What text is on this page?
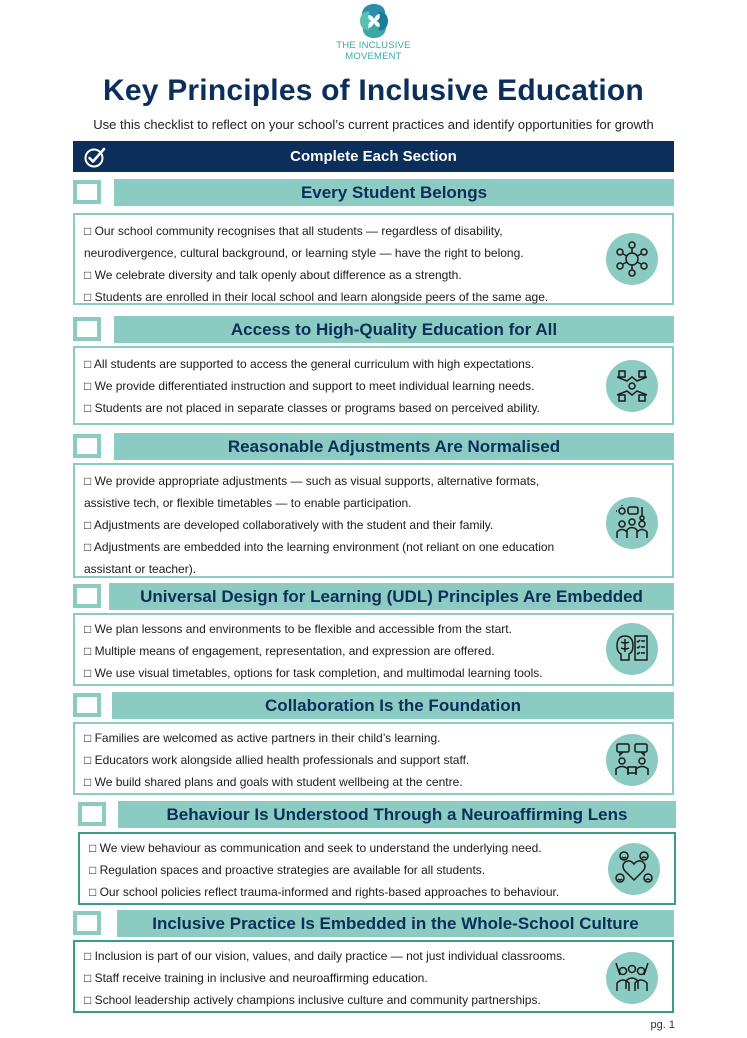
THE INCLUSIVE
MOVEMENT
Key Principles of Inclusive Education
Use this checklist to reflect on your school’s current practices and identify opportunities for growth
Complete Each Section
Every Student Belongs
□ Our school community recognises that all students — regardless of disability,
neurodivergence, cultural background, or learning style — have the right to belong.
□ We celebrate diversity and talk openly about difference as a strength.
□ Students are enrolled in their local school and learn alongside peers of the same age.
Access to High-Quality Education for All
□ All students are supported to access the general curriculum with high expectations.
□ We provide differentiated instruction and support to meet individual learning needs.
□ Students are not placed in separate classes or programs based on perceived ability.
Reasonable Adjustments Are Normalised
□ We provide appropriate adjustments — such as visual supports, alternative formats,
assistive tech, or flexible timetables — to enable participation.
□ Adjustments are developed collaboratively with the student and their family.
□ Adjustments are embedded into the learning environment (not reliant on one education
assistant or teacher).
Universal Design for Learning (UDL) Principles Are Embedded
□ We plan lessons and environments to be flexible and accessible from the start.
□ Multiple means of engagement, representation, and expression are offered.
□ We use visual timetables, options for task completion, and multimodal learning tools.
Collaboration Is the Foundation
□ Families are welcomed as active partners in their child’s learning.
□ Educators work alongside allied health professionals and support staff.
□ We build shared plans and goals with student wellbeing at the centre.
Behaviour Is Understood Through a Neuroaffirming Lens
□ We view behaviour as communication and seek to understand the underlying need.
□ Regulation spaces and proactive strategies are available for all students.
□ Our school policies reflect trauma-informed and rights-based approaches to behaviour.
Inclusive Practice Is Embedded in the Whole-School Culture
□ Inclusion is part of our vision, values, and daily practice — not just individual classrooms.
□ Staff receive training in inclusive and neuroaffirming education.
□ School leadership actively champions inclusive culture and community partnerships.
pg. 1
